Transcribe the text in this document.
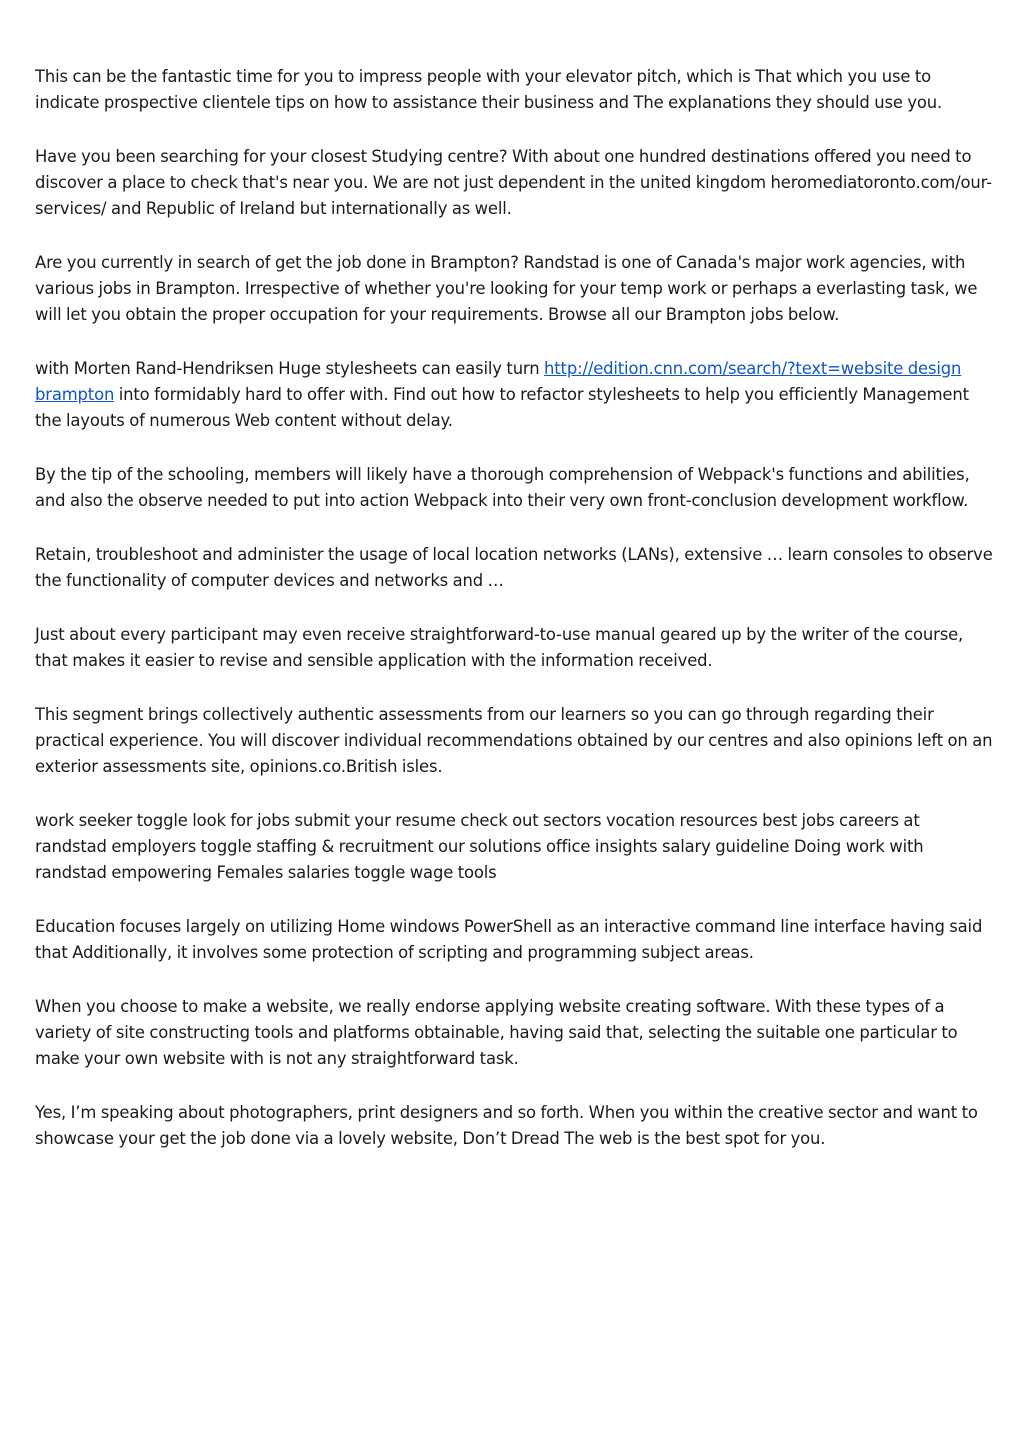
This can be the fantastic time for you to impress people with your elevator pitch, which is That which you use to indicate prospective clientele tips on how to assistance their business and The explanations they should use you.

Have you been searching for your closest Studying centre? With about one hundred destinations offered you need to discover a place to check that's near you. We are not just dependent in the united kingdom heromediatoronto.com/our-services/ and Republic of Ireland but internationally as well.

Are you currently in search of get the job done in Brampton? Randstad is one of Canada's major work agencies, with various jobs in Brampton. Irrespective of whether you're looking for your temp work or perhaps a everlasting task, we will let you obtain the proper occupation for your requirements. Browse all our Brampton jobs below.

with Morten Rand-Hendriksen Huge stylesheets can easily turn http://edition.cnn.com/search/?text=website design brampton into formidably hard to offer with. Find out how to refactor stylesheets to help you efficiently Management the layouts of numerous Web content without delay.

By the tip of the schooling, members will likely have a thorough comprehension of Webpack's functions and abilities, and also the observe needed to put into action Webpack into their very own front-conclusion development workflow.

Retain, troubleshoot and administer the usage of local location networks (LANs), extensive … learn consoles to observe the functionality of computer devices and networks and …

Just about every participant may even receive straightforward-to-use manual geared up by the writer of the course, that makes it easier to revise and sensible application with the information received.

This segment brings collectively authentic assessments from our learners so you can go through regarding their practical experience. You will discover individual recommendations obtained by our centres and also opinions left on an exterior assessments site, opinions.co.British isles.

work seeker toggle look for jobs submit your resume check out sectors vocation resources best jobs careers at randstad employers toggle staffing & recruitment our solutions office insights salary guideline Doing work with randstad empowering Females salaries toggle wage tools

Education focuses largely on utilizing Home windows PowerShell as an interactive command line interface having said that Additionally, it involves some protection of scripting and programming subject areas.

When you choose to make a website, we really endorse applying website creating software. With these types of a variety of site constructing tools and platforms obtainable, having said that, selecting the suitable one particular to make your own website with is not any straightforward task.

Yes, I’m speaking about photographers, print designers and so forth. When you within the creative sector and want to showcase your get the job done via a lovely website, Don’t Dread The web is the best spot for you.
